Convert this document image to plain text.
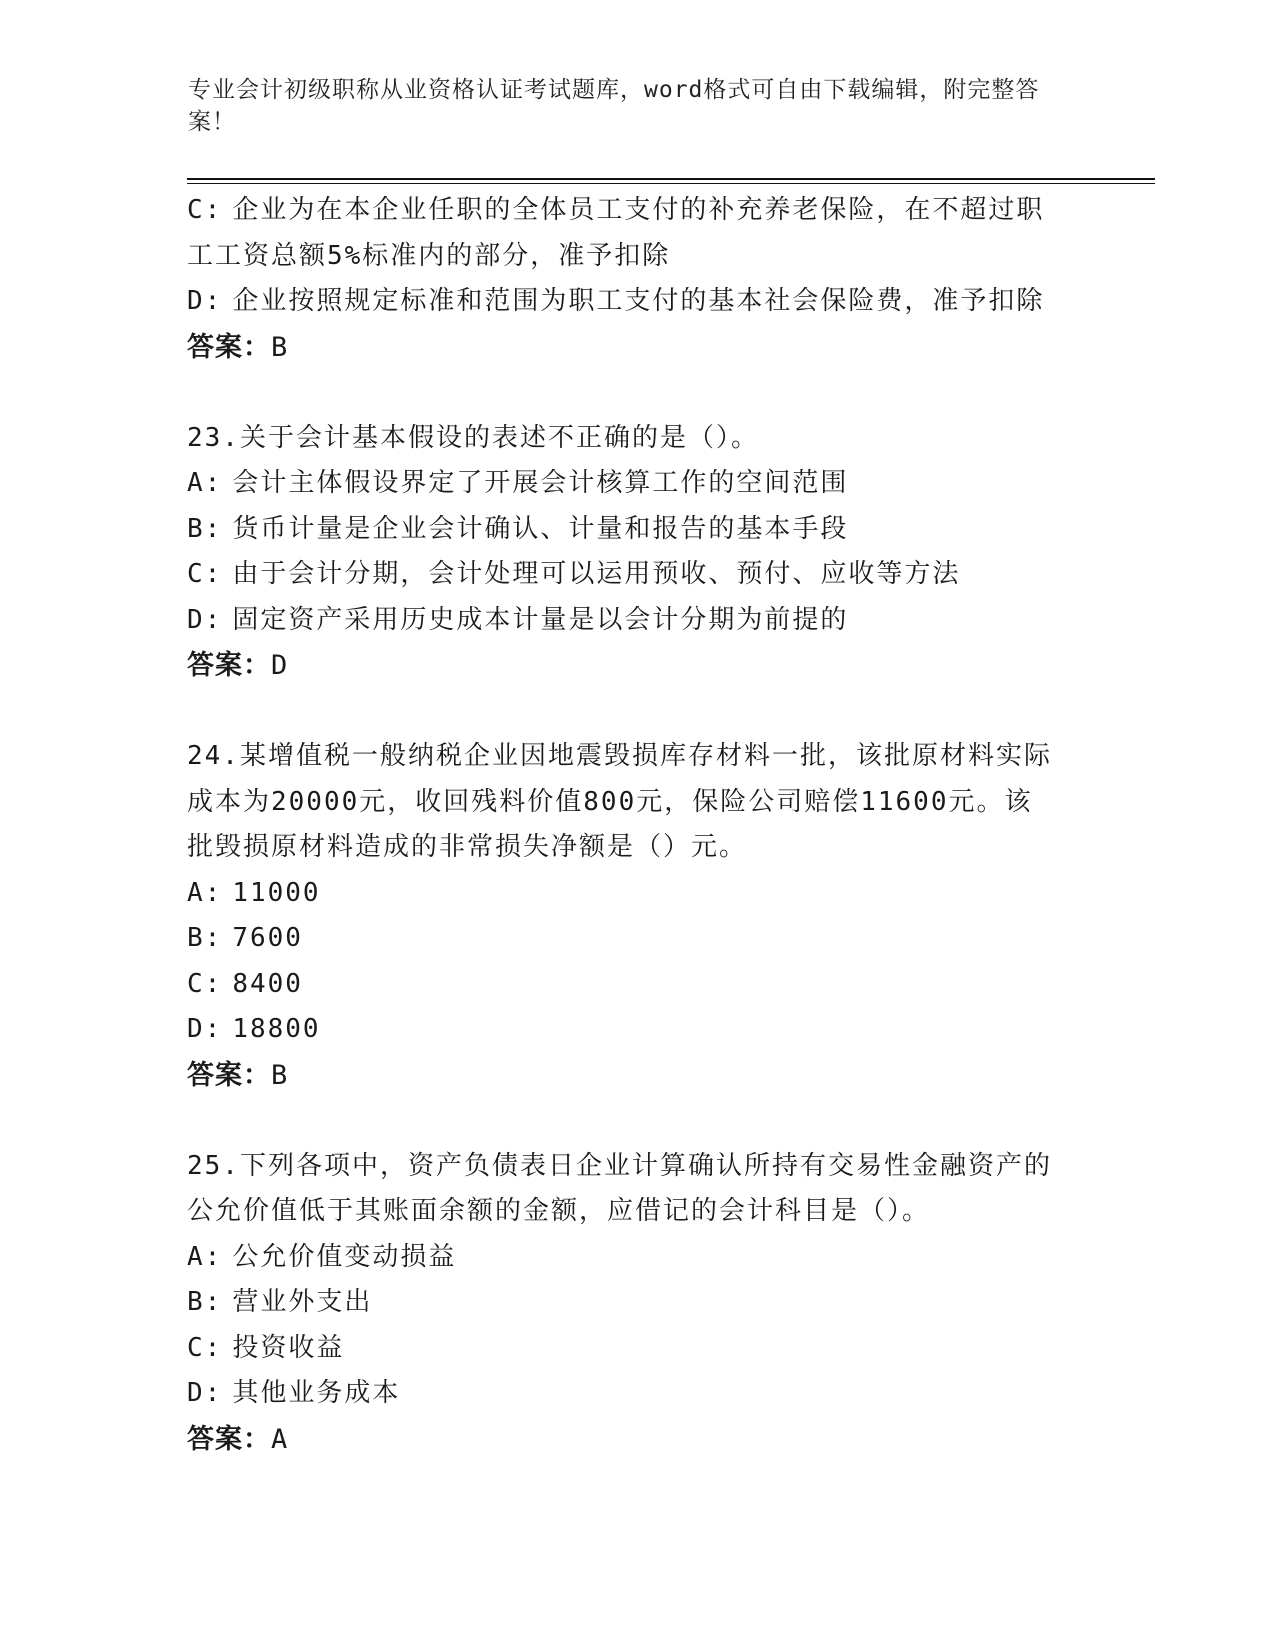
专业会计初级职称从业资格认证考试题库，word格式可自由下载编辑，附完整答案！
C: 企业为在本企业任职的全体员工支付的补充养老保险，在不超过职
工工资总额5%标准内的部分，准予扣除
D: 企业按照规定标准和范围为职工支付的基本社会保险费，准予扣除
答案：B
23.关于会计基本假设的表述不正确的是（）。
A: 会计主体假设界定了开展会计核算工作的空间范围
B: 货币计量是企业会计确认、计量和报告的基本手段
C: 由于会计分期，会计处理可以运用预收、预付、应收等方法
D: 固定资产采用历史成本计量是以会计分期为前提的
答案：D
24.某增值税一般纳税企业因地震毁损库存材料一批，该批原材料实际
成本为20000元，收回残料价值800元，保险公司赔偿11600元。该
批毁损原材料造成的非常损失净额是（）元。
A: 11000
B: 7600
C: 8400
D: 18800
答案：B
25.下列各项中，资产负债表日企业计算确认所持有交易性金融资产的
公允价值低于其账面余额的金额，应借记的会计科目是（）。
A: 公允价值变动损益
B: 营业外支出
C: 投资收益
D: 其他业务成本
答案：A
